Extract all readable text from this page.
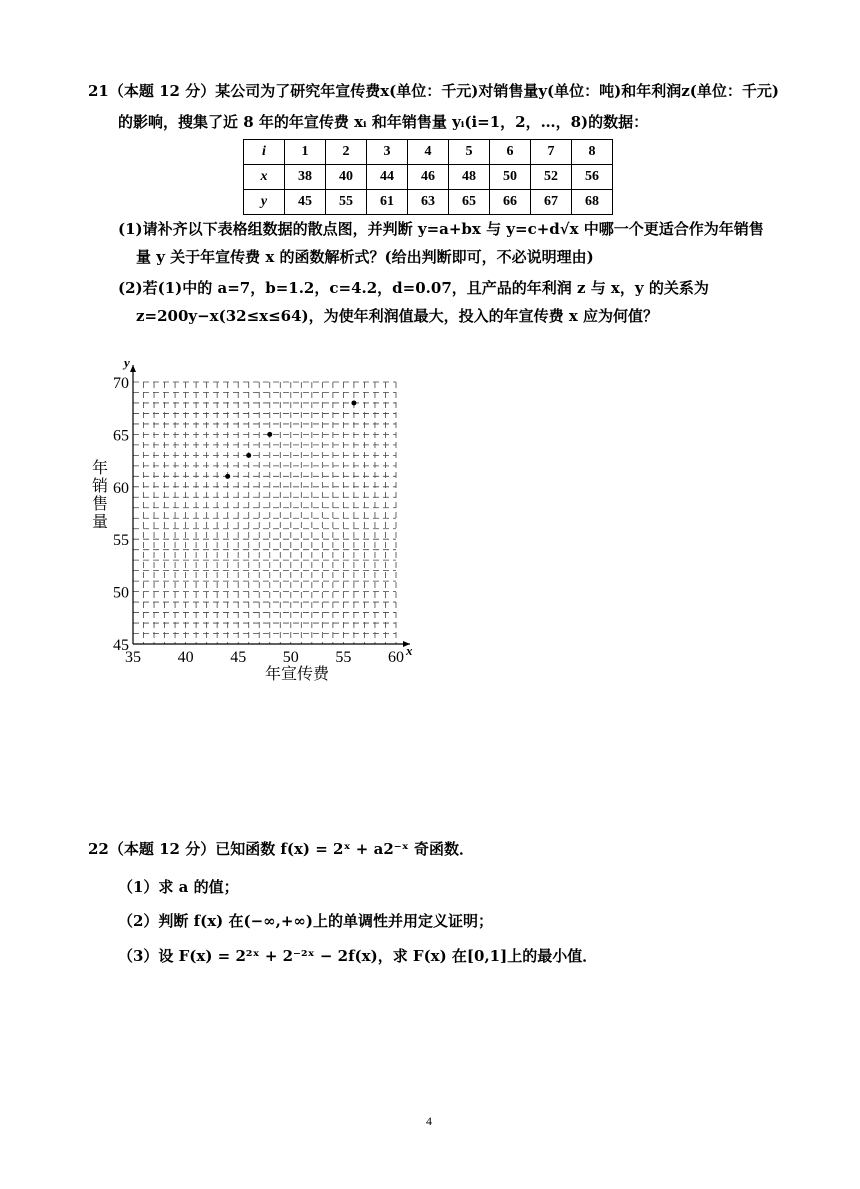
21（本题 12 分）某公司为了研究年宣传费x(单位：千元)对销售量y(单位：吨)和年利润z(单位：千元)
的影响，搜集了近 8 年的年宣传费 xᵢ 和年销售量 yᵢ(i=1，2，…，8)的数据：
i	1	2	3	4	5	6	7	8
x	38	40	44	46	48	50	52	56
y	45	55	61	63	65	66	67	68
(1)请补齐以下表格组数据的散点图，并判断 y=a+bx 与 y=c+d√x 中哪一个更适合作为年销售
量 y 关于年宣传费 x 的函数解析式？(给出判断即可，不必说明理由)
(2)若(1)中的 a=7，b=1.2，c=4.2，d=0.07，且产品的年利润 z 与 x，y 的关系为
z=200y−x(32≤x≤64)，为使年利润值最大，投入的年宣传费 x 应为何值？
35 40 45 50 55 60
45
50
55
60
65
70
年宣传费
年销售量
x
y
22（本题 12 分）已知函数 f(x) = 2ˣ + a2⁻ˣ 奇函数．
（1）求 a 的值；
（2）判断 f(x) 在(−∞,+∞)上的单调性并用定义证明；
（3）设 F(x) = 2²ˣ + 2⁻²ˣ − 2f(x)，求 F(x) 在[0,1]上的最小值．
4
